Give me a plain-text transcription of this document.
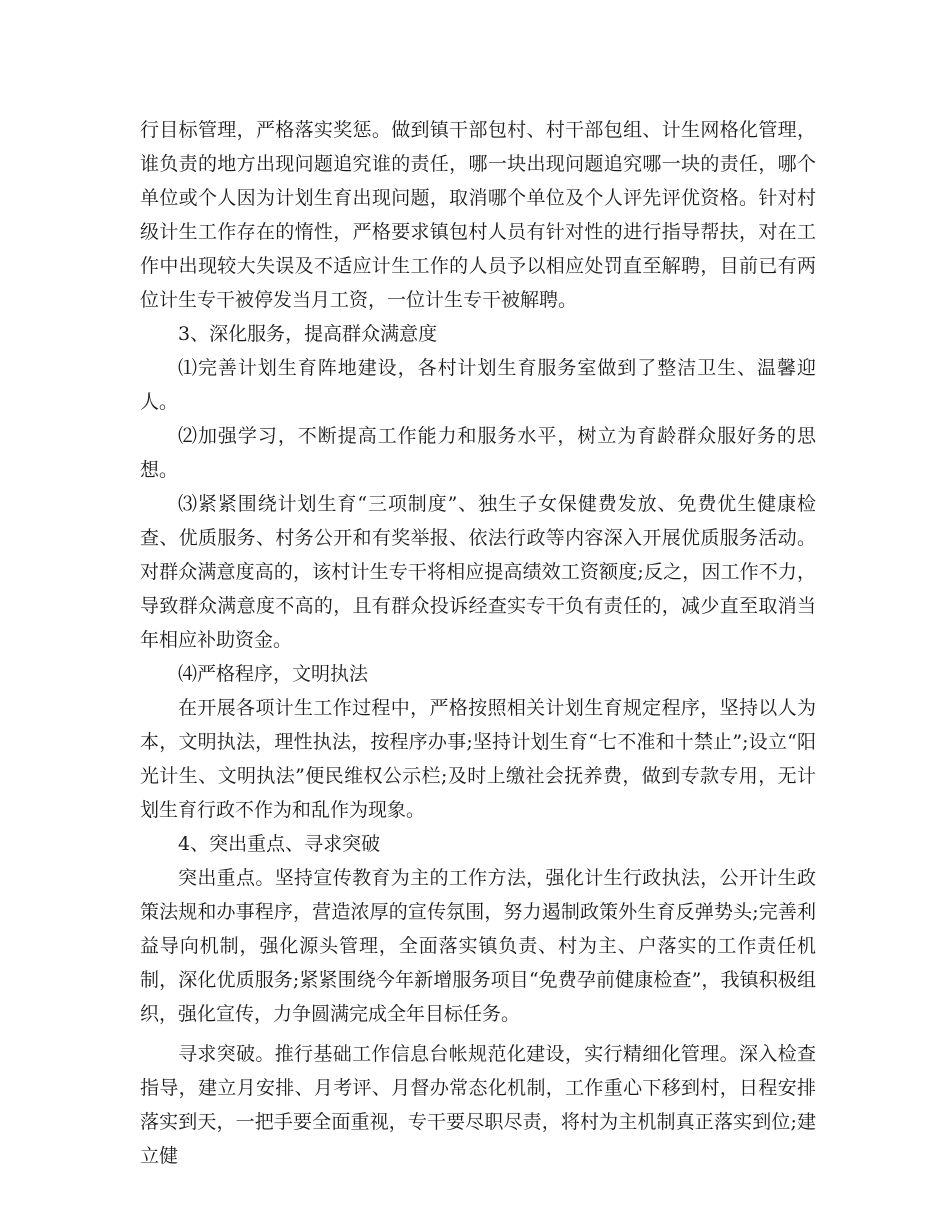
行目标管理，严格落实奖惩。做到镇干部包村、村干部包组、计生网格化管理，谁负责的地方出现问题追究谁的责任，哪一块出现问题追究哪一块的责任，哪个单位或个人因为计划生育出现问题，取消哪个单位及个人评先评优资格。针对村级计生工作存在的惰性，严格要求镇包村人员有针对性的进行指导帮扶，对在工作中出现较大失误及不适应计生工作的人员予以相应处罚直至解聘，目前已有两位计生专干被停发当月工资，一位计生专干被解聘。

3、深化服务，提高群众满意度

⑴完善计划生育阵地建设，各村计划生育服务室做到了整洁卫生、温馨迎人。

⑵加强学习，不断提高工作能力和服务水平，树立为育龄群众服好务的思想。

⑶紧紧围绕计划生育“三项制度”、独生子女保健费发放、免费优生健康检查、优质服务、村务公开和有奖举报、依法行政等内容深入开展优质服务活动。对群众满意度高的，该村计生专干将相应提高绩效工资额度;反之，因工作不力，导致群众满意度不高的，且有群众投诉经查实专干负有责任的，减少直至取消当年相应补助资金。

⑷严格程序，文明执法

在开展各项计生工作过程中，严格按照相关计划生育规定程序，坚持以人为本，文明执法，理性执法，按程序办事;坚持计划生育“七不准和十禁止”;设立“阳光计生、文明执法”便民维权公示栏;及时上缴社会抚养费，做到专款专用，无计划生育行政不作为和乱作为现象。

4、突出重点、寻求突破

突出重点。坚持宣传教育为主的工作方法，强化计生行政执法，公开计生政策法规和办事程序，营造浓厚的宣传氛围，努力遏制政策外生育反弹势头;完善利益导向机制，强化源头管理，全面落实镇负责、村为主、户落实的工作责任机制，深化优质服务;紧紧围绕今年新增服务项目“免费孕前健康检查”，我镇积极组织，强化宣传，力争圆满完成全年目标任务。

寻求突破。推行基础工作信息台帐规范化建设，实行精细化管理。深入检查指导，建立月安排、月考评、月督办常态化机制，工作重心下移到村，日程安排落实到天，一把手要全面重视，专干要尽职尽责，将村为主机制真正落实到位;建立健
